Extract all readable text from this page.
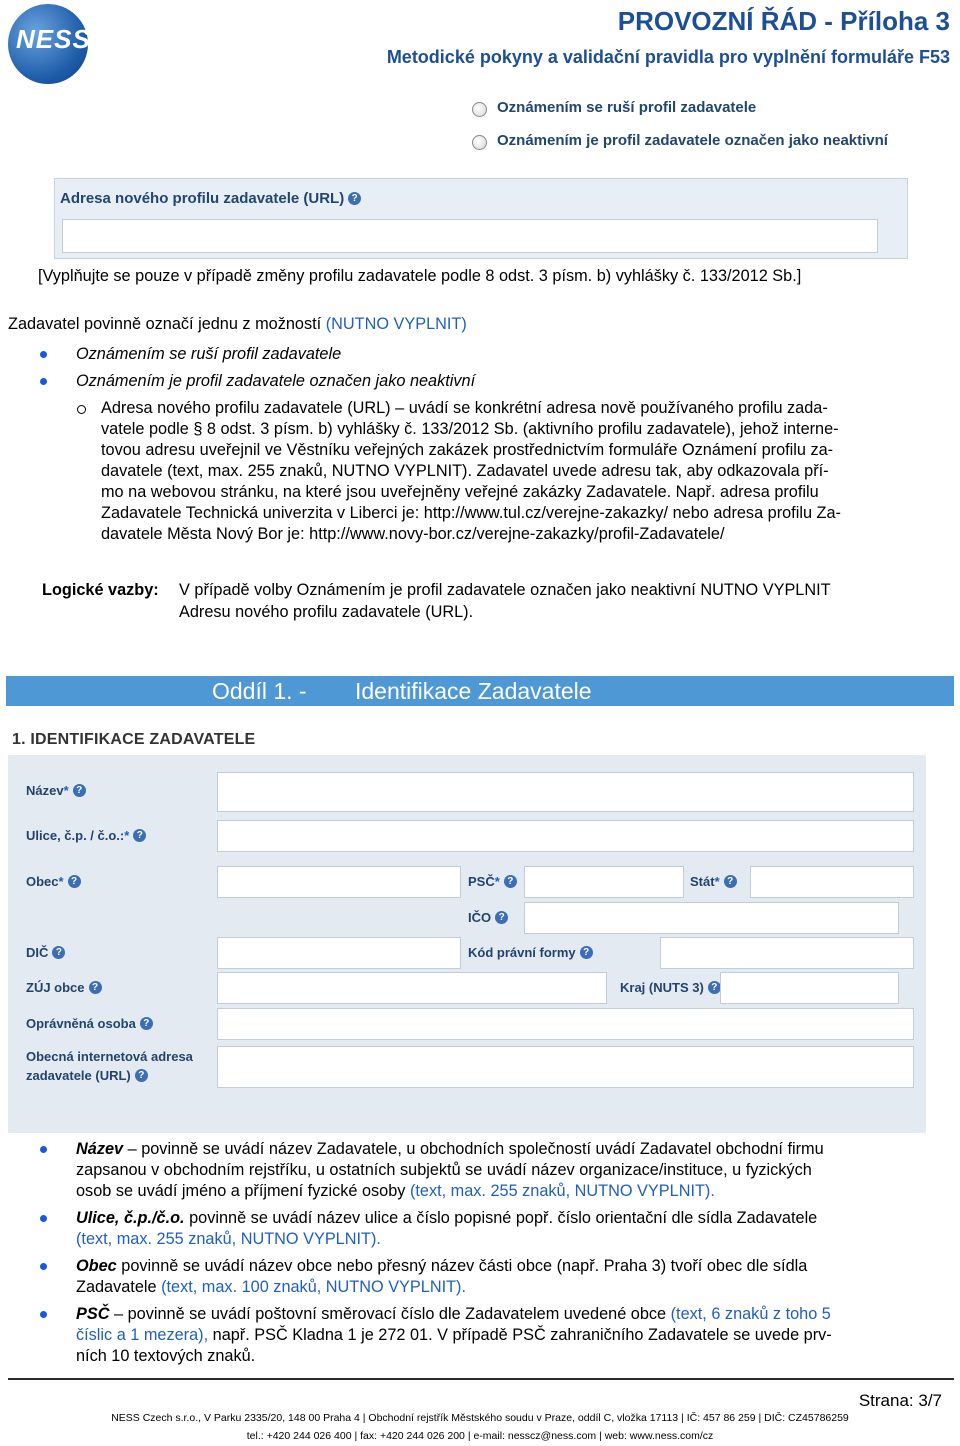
NESS
PROVOZNÍ ŘÁD - Příloha 3
Metodické pokyny a validační pravidla pro vyplnění formuláře F53
Oznámením se ruší profil zadavatele
Oznámením je profil zadavatele označen jako neaktivní
Adresa nového profilu zadavatele (URL) ?
[Vyplňujte se pouze v případě změny profilu zadavatele podle 8 odst. 3 písm. b) vyhlášky č. 133/2012 Sb.]
Zadavatel povinně označí jednu z možností (NUTNO VYPLNIT)
Oznámením se ruší profil zadavatele
Oznámením je profil zadavatele označen jako neaktivní
Adresa nového profilu zadavatele (URL) – uvádí se konkrétní adresa nově používaného profilu zada-
vatele podle § 8 odst. 3 písm. b) vyhlášky č. 133/2012 Sb. (aktivního profilu zadavatele), jehož interne-
tovou adresu uveřejnil ve Věstníku veřejných zakázek prostřednictvím formuláře Oznámení profilu za-
davatele (text, max. 255 znaků, NUTNO VYPLNIT). Zadavatel uvede adresu tak, aby odkazovala pří-
mo na webovou stránku, na které jsou uveřejněny veřejné zakázky Zadavatele. Např. adresa profilu
Zadavatele Technická univerzita v Liberci je: http://www.tul.cz/verejne-zakazky/ nebo adresa profilu Za-
davatele Města Nový Bor je: http://www.novy-bor.cz/verejne-zakazky/profil-Zadavatele/
Logické vazby: V případě volby Oznámením je profil zadavatele označen jako neaktivní NUTNO VYPLNIT
Adresu nového profilu zadavatele (URL).
Oddíl 1. - Identifikace Zadavatele
1. IDENTIFIKACE ZADAVATELE
Název* ?
Ulice, č.p. / č.o.:* ?
Obec* ?	PSČ* ?	Stát* ?
IČO ?
DIČ ?	Kód právní formy ?
ZÚJ obce ?	Kraj (NUTS 3) ?
Oprávněná osoba ?
Obecná internetová adresa
zadavatele (URL) ?
Název – povinně se uvádí název Zadavatele, u obchodních společností uvádí Zadavatel obchodní firmu
zapsanou v obchodním rejstříku, u ostatních subjektů se uvádí název organizace/instituce, u fyzických
osob se uvádí jméno a příjmení fyzické osoby (text, max. 255 znaků, NUTNO VYPLNIT).
Ulice, č.p./č.o. povinně se uvádí název ulice a číslo popisné popř. číslo orientační dle sídla Zadavatele
(text, max. 255 znaků, NUTNO VYPLNIT).
Obec povinně se uvádí název obce nebo přesný název části obce (např. Praha 3) tvoří obec dle sídla
Zadavatele (text, max. 100 znaků, NUTNO VYPLNIT).
PSČ – povinně se uvádí poštovní směrovací číslo dle Zadavatelem uvedené obce (text, 6 znaků z toho 5
číslic a 1 mezera), např. PSČ Kladna 1 je 272 01. V případě PSČ zahraničního Zadavatele se uvede prv-
ních 10 textových znaků.
Strana: 3/7
NESS Czech s.r.o., V Parku 2335/20, 148 00 Praha 4 | Obchodní rejstřík Městského soudu v Praze, oddíl C, vložka 17113 | IČ: 457 86 259 | DIČ: CZ45786259
tel.: +420 244 026 400 | fax: +420 244 026 200 | e-mail: nesscz@ness.com | web: www.ness.com/cz
